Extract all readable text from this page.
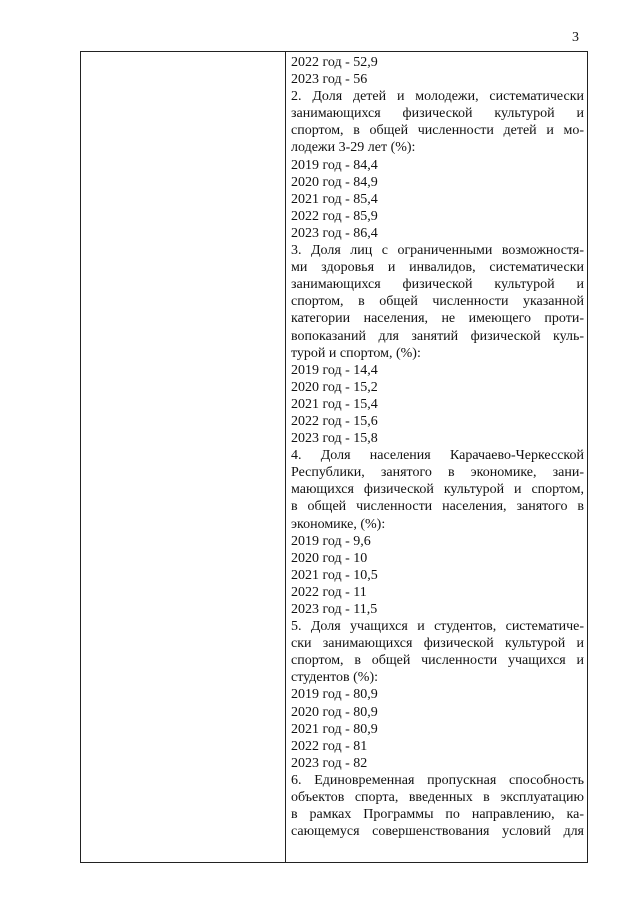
3
2022 год - 52,9
2023 год - 56
2. Доля детей и молодежи, систематически
занимающихся физической культурой и
спортом, в общей численности детей и мо-
лодежи 3-29 лет (%):
2019 год - 84,4
2020 год - 84,9
2021 год - 85,4
2022 год - 85,9
2023 год - 86,4
3. Доля лиц с ограниченными возможностя-
ми здоровья и инвалидов, систематически
занимающихся физической культурой и
спортом, в общей численности указанной
категории населения, не имеющего проти-
вопоказаний для занятий физической куль-
турой и спортом, (%):
2019 год - 14,4
2020 год - 15,2
2021 год - 15,4
2022 год - 15,6
2023 год - 15,8
4. Доля населения Карачаево-Черкесской
Республики, занятого в экономике, зани-
мающихся физической культурой и спортом,
в общей численности населения, занятого в
экономике, (%):
2019 год - 9,6
2020 год - 10
2021 год - 10,5
2022 год - 11
2023 год - 11,5
5. Доля учащихся и студентов, систематиче-
ски занимающихся физической культурой и
спортом, в общей численности учащихся и
студентов (%):
2019 год - 80,9
2020 год - 80,9
2021 год - 80,9
2022 год - 81
2023 год - 82
6. Единовременная пропускная способность
объектов спорта, введенных в эксплуатацию
в рамках Программы по направлению, ка-
сающемуся совершенствования условий для
